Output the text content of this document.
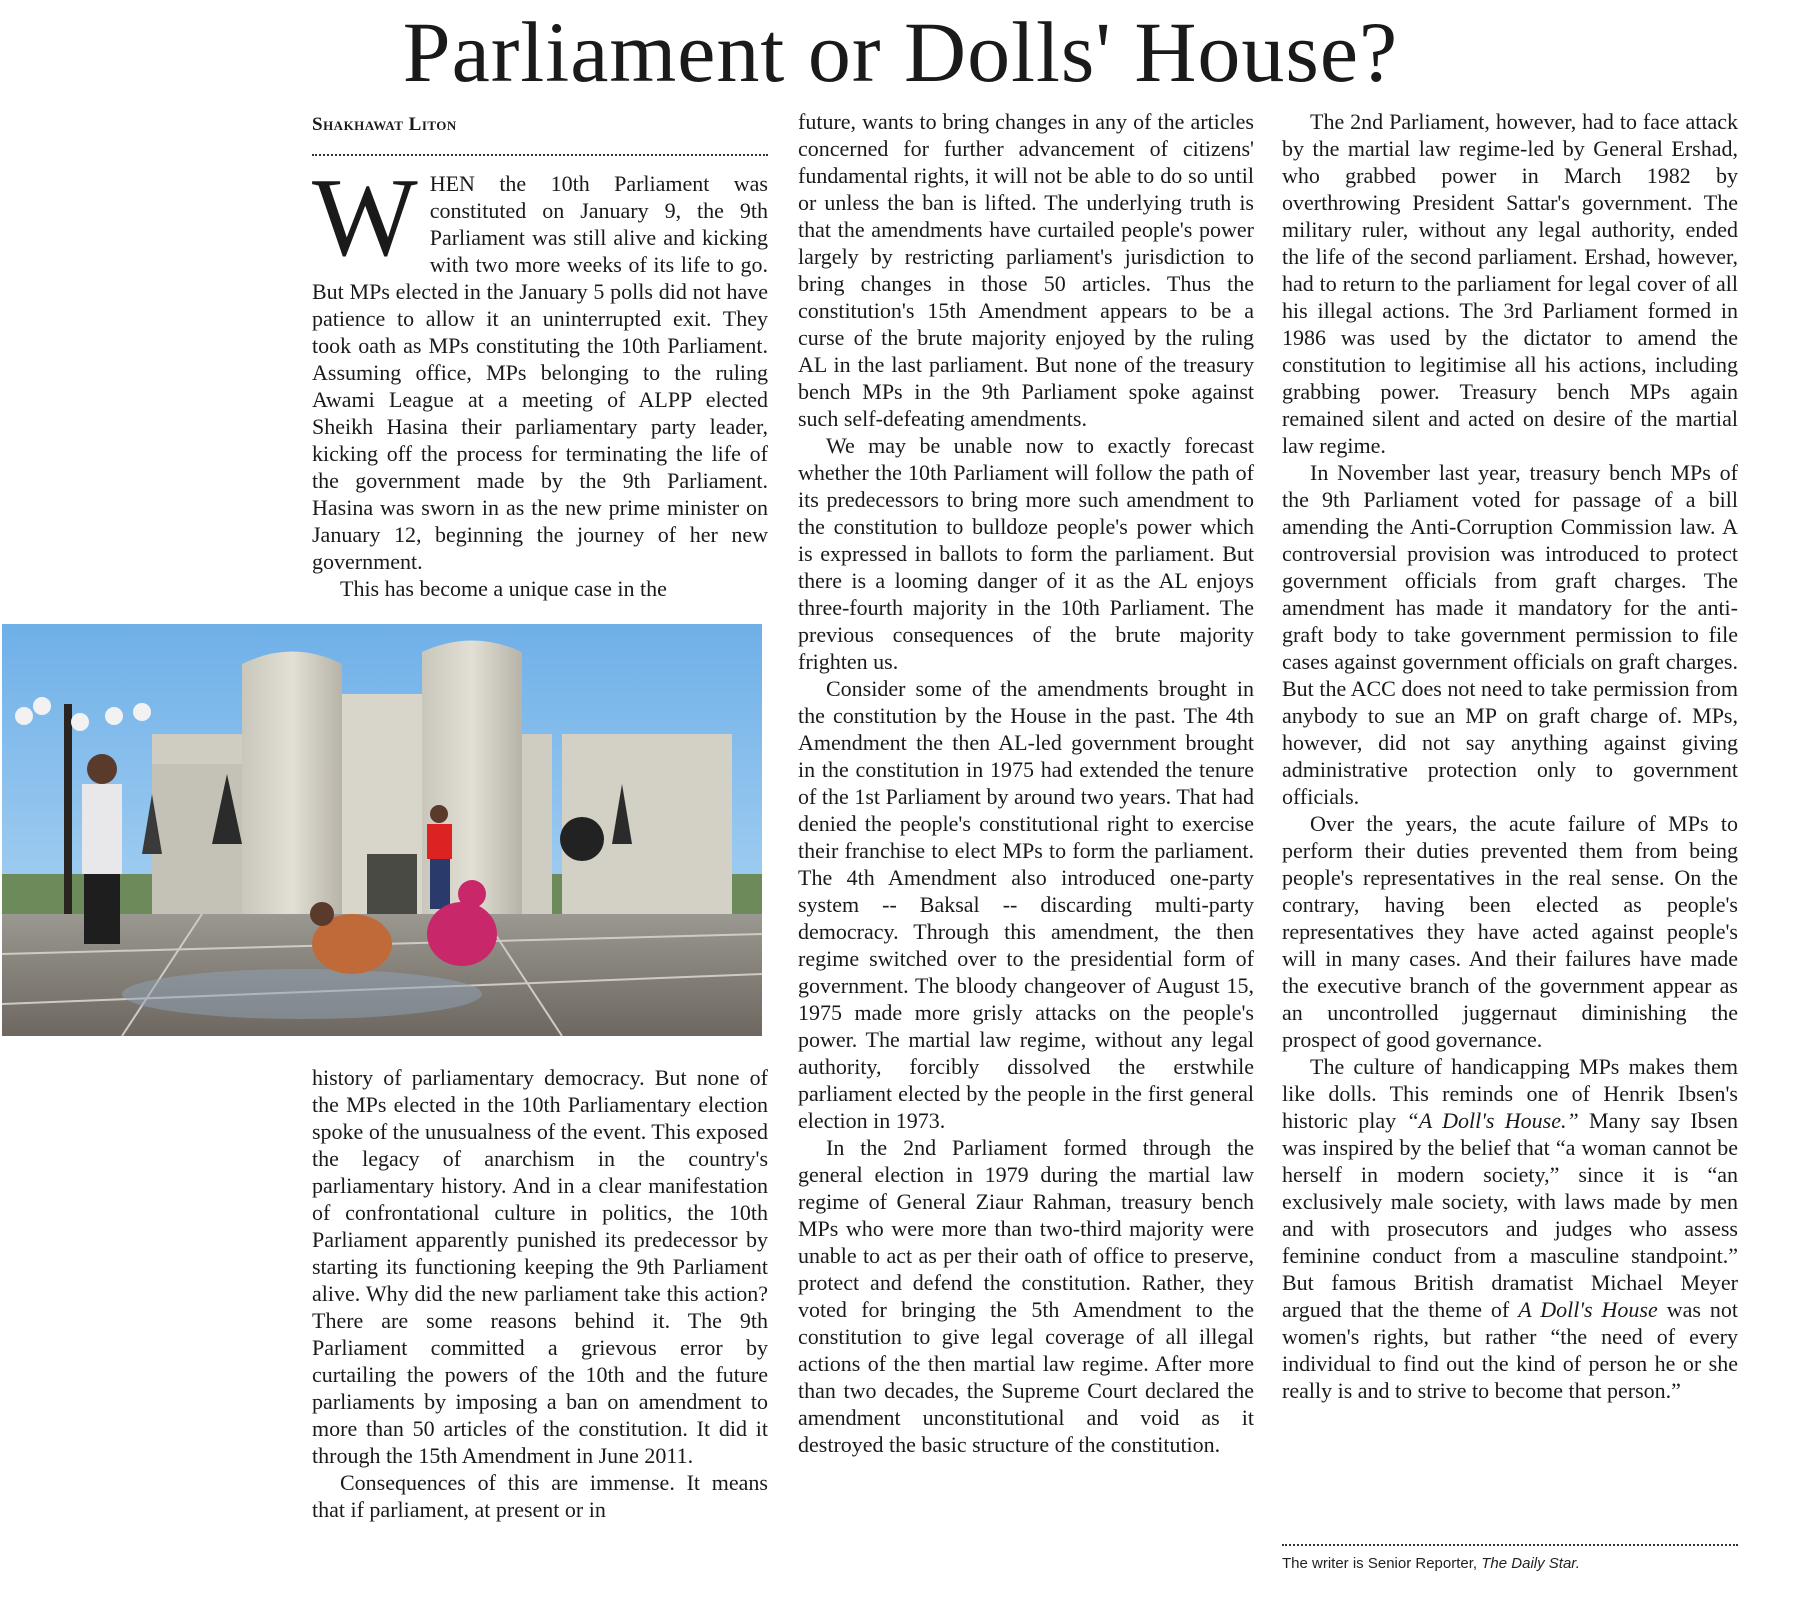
Parliament or Dolls' House?
Shakhawat Liton

WHEN the 10th Parliament was constituted on January 9, the 9th Parliament was still alive and kicking with two more weeks of its life to go. But MPs elected in the January 5 polls did not have patience to allow it an uninterrupted exit. They took oath as MPs constituting the 10th Parliament. Assuming office, MPs belonging to the ruling Awami League at a meeting of ALPP elected Sheikh Hasina their parliamentary party leader, kicking off the process for terminating the life of the government made by the 9th Parliament. Hasina was sworn in as the new prime minister on January 12, beginning the journey of her new government.

This has become a unique case in the

history of parliamentary democracy. But none of the MPs elected in the 10th Parliamentary election spoke of the unusualness of the event. This exposed the legacy of anarchism in the country's parliamentary history. And in a clear manifestation of confrontational culture in politics, the 10th Parliament apparently punished its predecessor by starting its functioning keeping the 9th Parliament alive. Why did the new parliament take this action? There are some reasons behind it. The 9th Parliament committed a grievous error by curtailing the powers of the 10th and the future parliaments by imposing a ban on amendment to more than 50 articles of the constitution. It did it through the 15th Amendment in June 2011.

Consequences of this are immense. It means that if parliament, at present or in

future, wants to bring changes in any of the articles concerned for further advancement of citizens' fundamental rights, it will not be able to do so until or unless the ban is lifted. The underlying truth is that the amendments have curtailed people's power largely by restricting parliament's jurisdiction to bring changes in those 50 articles. Thus the constitution's 15th Amendment appears to be a curse of the brute majority enjoyed by the ruling AL in the last parliament. But none of the treasury bench MPs in the 9th Parliament spoke against such self-defeating amendments.

We may be unable now to exactly forecast whether the 10th Parliament will follow the path of its predecessors to bring more such amendment to the constitution to bulldoze people's power which is expressed in ballots to form the parliament. But there is a looming danger of it as the AL enjoys three-fourth majority in the 10th Parliament. The previous consequences of the brute majority frighten us.

Consider some of the amendments brought in the constitution by the House in the past. The 4th Amendment the then AL-led government brought in the constitution in 1975 had extended the tenure of the 1st Parliament by around two years. That had denied the people's constitutional right to exercise their franchise to elect MPs to form the parliament. The 4th Amendment also introduced one-party system -- Baksal -- discarding multi-party democracy. Through this amendment, the then regime switched over to the presidential form of government. The bloody changeover of August 15, 1975 made more grisly attacks on the people's power. The martial law regime, without any legal authority, forcibly dissolved the erstwhile parliament elected by the people in the first general election in 1973.

In the 2nd Parliament formed through the general election in 1979 during the martial law regime of General Ziaur Rahman, treasury bench MPs who were more than two-third majority were unable to act as per their oath of office to preserve, protect and defend the constitution. Rather, they voted for bringing the 5th Amendment to the constitution to give legal coverage of all illegal actions of the then martial law regime. After more than two decades, the Supreme Court declared the amendment unconstitutional and void as it destroyed the basic structure of the constitution.

The 2nd Parliament, however, had to face attack by the martial law regime-led by General Ershad, who grabbed power in March 1982 by overthrowing President Sattar's government. The military ruler, without any legal authority, ended the life of the second parliament. Ershad, however, had to return to the parliament for legal cover of all his illegal actions. The 3rd Parliament formed in 1986 was used by the dictator to amend the constitution to legitimise all his actions, including grabbing power. Treasury bench MPs again remained silent and acted on desire of the martial law regime.

In November last year, treasury bench MPs of the 9th Parliament voted for passage of a bill amending the Anti-Corruption Commission law. A controversial provision was introduced to protect government officials from graft charges. The amendment has made it mandatory for the anti-graft body to take government permission to file cases against government officials on graft charges. But the ACC does not need to take permission from anybody to sue an MP on graft charge of. MPs, however, did not say anything against giving administrative protection only to government officials.

Over the years, the acute failure of MPs to perform their duties prevented them from being people's representatives in the real sense. On the contrary, having been elected as people's representatives they have acted against people's will in many cases. And their failures have made the executive branch of the government appear as an uncontrolled juggernaut diminishing the prospect of good governance.

The culture of handicapping MPs makes them like dolls. This reminds one of Henrik Ibsen's historic play “A Doll's House.” Many say Ibsen was inspired by the belief that “a woman cannot be herself in modern society,” since it is “an exclusively male society, with laws made by men and with prosecutors and judges who assess feminine conduct from a masculine standpoint.” But famous British dramatist Michael Meyer argued that the theme of A Doll's House was not women's rights, but rather “the need of every individual to find out the kind of person he or she really is and to strive to become that person.”

The writer is Senior Reporter, The Daily Star.
